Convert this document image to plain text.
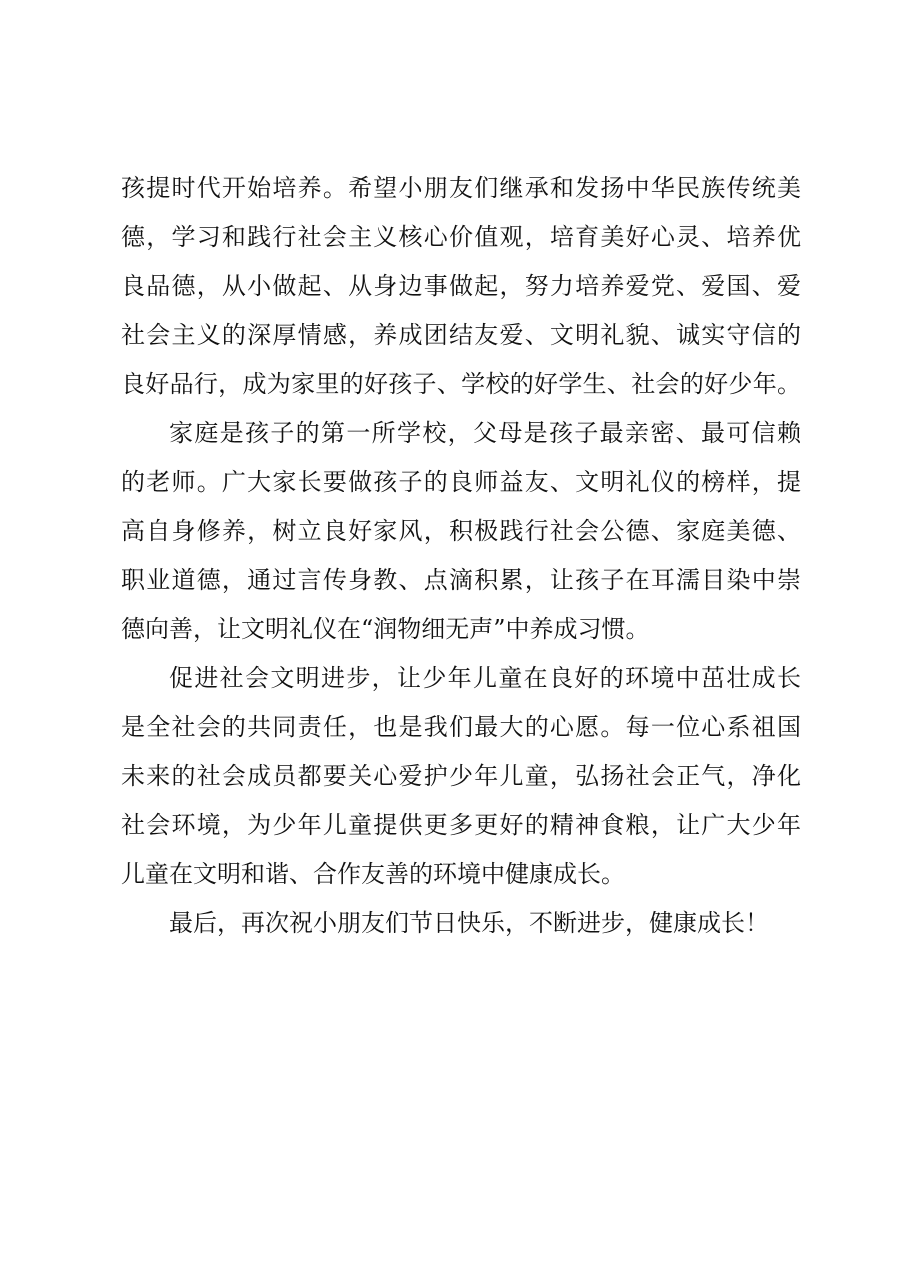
孩提时代开始培养。希望小朋友们继承和发扬中华民族传统美
德，学习和践行社会主义核心价值观，培育美好心灵、培养优
良品德，从小做起、从身边事做起，努力培养爱党、爱国、爱
社会主义的深厚情感，养成团结友爱、文明礼貌、诚实守信的
良好品行，成为家里的好孩子、学校的好学生、社会的好少年。
家庭是孩子的第一所学校，父母是孩子最亲密、最可信赖
的老师。广大家长要做孩子的良师益友、文明礼仪的榜样，提
高自身修养，树立良好家风，积极践行社会公德、家庭美德、
职业道德，通过言传身教、点滴积累，让孩子在耳濡目染中崇
德向善，让文明礼仪在“润物细无声”中养成习惯。
促进社会文明进步，让少年儿童在良好的环境中茁壮成长
是全社会的共同责任，也是我们最大的心愿。每一位心系祖国
未来的社会成员都要关心爱护少年儿童，弘扬社会正气，净化
社会环境，为少年儿童提供更多更好的精神食粮，让广大少年
儿童在文明和谐、合作友善的环境中健康成长。
最后，再次祝小朋友们节日快乐，不断进步，健康成长！
